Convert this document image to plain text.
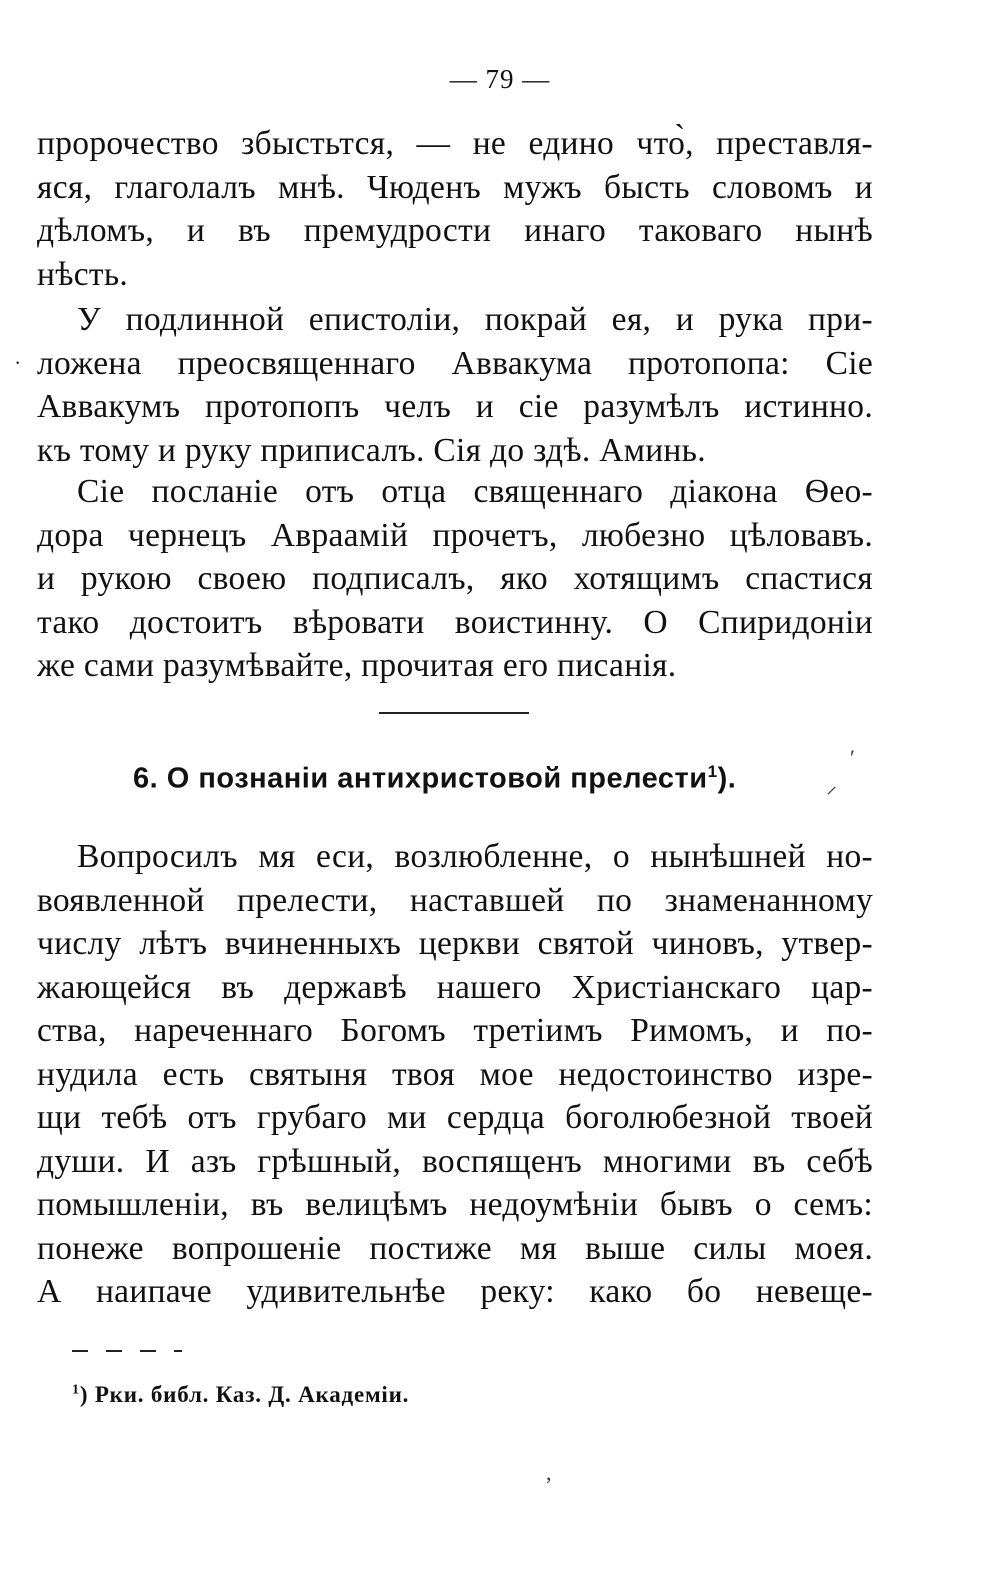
— 79 —
пророчество збыстьтся, — не едино что̀, преставля-
яся, глаголалъ мнѣ. Чюденъ мужъ бысть словомъ и
дѣломъ, и въ премудрости инаго таковаго нынѣ
нѣсть.
У подлинной епистоліи, покрай ея, и рука при-
ложена преосвященнаго Аввакума протопопа: Сіе
Аввакумъ протопопъ челъ и сіе разумѣлъ истинно.
къ тому и руку приписалъ. Сія до здѣ. Аминь.
Сіе посланіе отъ отца священнаго діакона Ѳео-
дора чернецъ Авраамій прочетъ, любезно цѣловавъ.
и рукою своею подписалъ, яко хотящимъ спастися
тако достоитъ вѣровати воистинну. О Спиридоніи
же сами разумѣвайте, прочитая его писанія.
6. О познаніи антихристовой прелести$^1$).
Вопросилъ мя еси, возлюбленне, о нынѣшней но-
воявленной прелести, наставшей по знаменанному
числу лѣтъ вчиненныхъ церкви святой чиновъ, утвер-
жающейся въ державѣ нашего Христіанскаго цар-
ства, нареченнаго Богомъ третіимъ Римомъ, и по-
нудила есть святыня твоя мое недостоинство изре-
щи тебѣ отъ грубаго ми сердца боголюбезной твоей
души. И азъ грѣшный, воспященъ многими въ себѣ
помышленіи, въ велицѣмъ недоумѣніи бывъ о семъ:
понеже вопрошеніе постиже мя выше силы моея.
А наипаче удивительнѣе реку: како бо невеще-
$^1$) Рки. библ. Каз. Д. Академіи.
′
⸝
·
,
